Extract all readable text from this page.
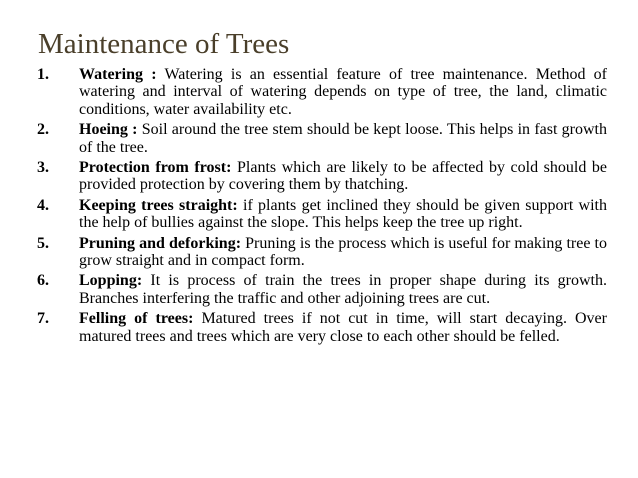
Maintenance of Trees
1.	Watering : Watering is an essential feature of tree maintenance. Method of watering and interval of watering depends on type of tree, the land, climatic conditions, water availability etc.
2.	Hoeing : Soil around the tree stem should be kept loose. This helps in fast growth of the tree.
3.	Protection from frost: Plants which are likely to be affected by cold should be provided protection by covering them by thatching.
4.	Keeping trees straight: if plants get inclined they should be given support with the help of bullies against the slope. This helps keep the tree up right.
5.	Pruning and deforking: Pruning is the process which is useful for making tree to grow straight and in compact form.
6.	Lopping: It is process of train the trees in proper shape during its growth. Branches interfering the traffic and other adjoining trees are cut.
7.	Felling of trees: Matured trees if not cut in time, will start decaying. Over matured trees and trees which are very close to each other should be felled.
